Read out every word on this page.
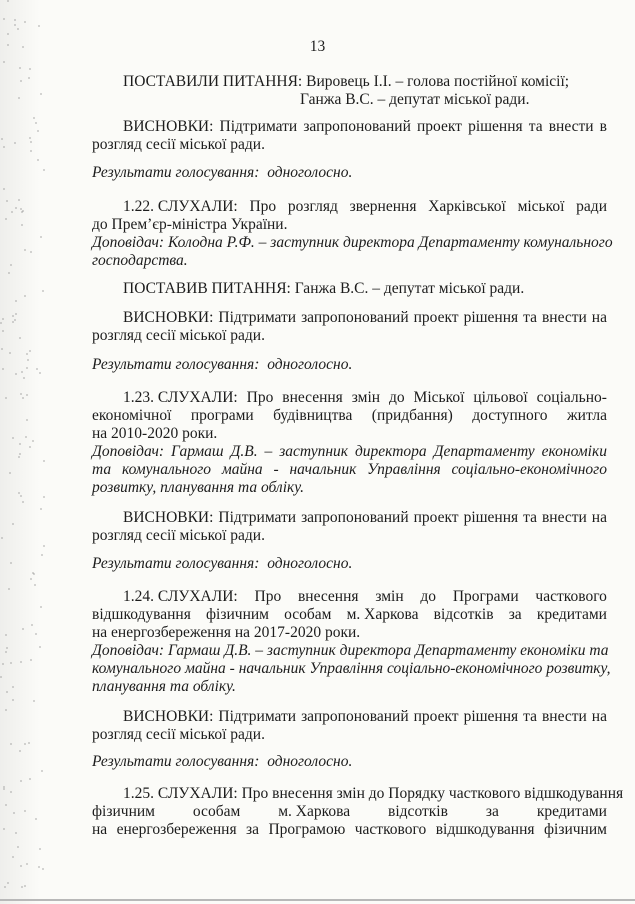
13
ПОСТАВИЛИ ПИТАННЯ: Вировець І.І. – голова постійної комісії;
Ганжа В.С. – депутат міської ради.
ВИСНОВКИ: Підтримати запропонований проект рішення та внести в
розгляд сесії міської ради.
Результати голосування: одноголосно.
1.22. СЛУХАЛИ: Про розгляд звернення Харківської міської ради
до Прем’єр-міністра України.
Доповідач: Колодна Р.Ф. – заступник директора Департаменту комунального
господарства.
ПОСТАВИВ ПИТАННЯ: Ганжа В.С. – депутат міської ради.
ВИСНОВКИ: Підтримати запропонований проект рішення та внести на
розгляд сесії міської ради.
Результати голосування: одноголосно.
1.23. СЛУХАЛИ: Про внесення змін до Міської цільової соціально-
економічної програми будівництва (придбання) доступного житла
на 2010-2020 роки.
Доповідач: Гармаш Д.В. – заступник директора Департаменту економіки
та комунального майна - начальник Управління соціально-економічного
розвитку, планування та обліку.
ВИСНОВКИ: Підтримати запропонований проект рішення та внести на
розгляд сесії міської ради.
Результати голосування: одноголосно.
1.24. СЛУХАЛИ: Про внесення змін до Програми часткового
відшкодування фізичним особам м. Харкова відсотків за кредитами
на енергозбереження на 2017-2020 роки.
Доповідач: Гармаш Д.В. – заступник директора Департаменту економіки та
комунального майна - начальник Управління соціально-економічного розвитку,
планування та обліку.
ВИСНОВКИ: Підтримати запропонований проект рішення та внести на
розгляд сесії міської ради.
Результати голосування: одноголосно.
1.25. СЛУХАЛИ: Про внесення змін до Порядку часткового відшкодування
фізичним особам м. Харкова відсотків за кредитами
на енергозбереження за Програмою часткового відшкодування фізичним
